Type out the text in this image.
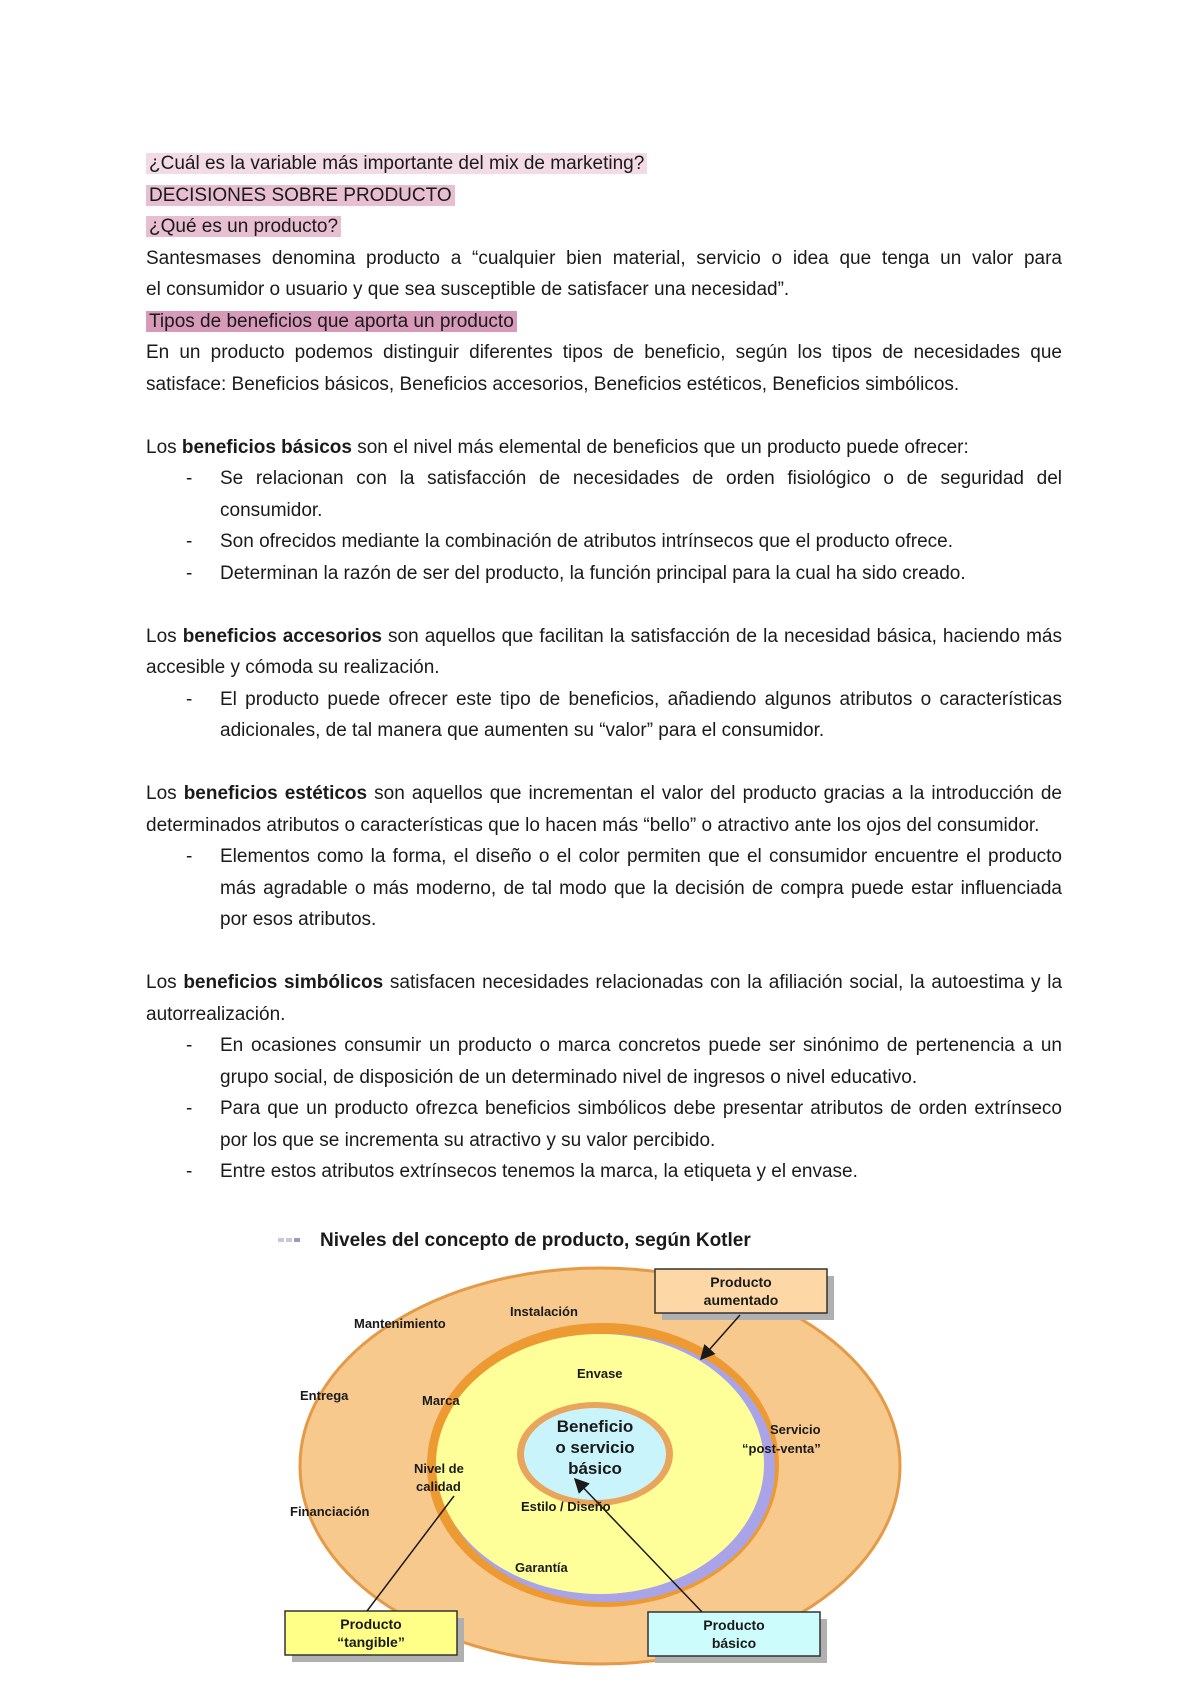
¿Cuál es la variable más importante del mix de marketing?

DECISIONES SOBRE PRODUCTO

¿Qué es un producto?

Santesmases denomina producto a “cualquier bien material, servicio o idea que tenga un valor para

el consumidor o usuario y que sea susceptible de satisfacer una necesidad”.

Tipos de beneficios que aporta un producto

En un producto podemos distinguir diferentes tipos de beneficio, según los tipos de necesidades que

satisface: Beneficios básicos, Beneficios accesorios, Beneficios estéticos, Beneficios simbólicos.

Los beneficios básicos son el nivel más elemental de beneficios que un producto puede ofrecer:

- Se relacionan con la satisfacción de necesidades de orden fisiológico o de seguridad del consumidor.

- Son ofrecidos mediante la combinación de atributos intrínsecos que el producto ofrece.

- Determinan la razón de ser del producto, la función principal para la cual ha sido creado.

Los beneficios accesorios son aquellos que facilitan la satisfacción de la necesidad básica, haciendo más accesible y cómoda su realización.

- El producto puede ofrecer este tipo de beneficios, añadiendo algunos atributos o características adicionales, de tal manera que aumenten su “valor” para el consumidor.

Los beneficios estéticos son aquellos que incrementan el valor del producto gracias a la introducción de determinados atributos o características que lo hacen más “bello” o atractivo ante los ojos del consumidor.

- Elementos como la forma, el diseño o el color permiten que el consumidor encuentre el producto más agradable o más moderno, de tal modo que la decisión de compra puede estar influenciada por esos atributos.

Los beneficios simbólicos satisfacen necesidades relacionadas con la afiliación social, la autoestima y la autorrealización.

- En ocasiones consumir un producto o marca concretos puede ser sinónimo de pertenencia a un grupo social, de disposición de un determinado nivel de ingresos o nivel educativo.

- Para que un producto ofrezca beneficios simbólicos debe presentar atributos de orden extrínseco por los que se incrementa su atractivo y su valor percibido.

- Entre estos atributos extrínsecos tenemos la marca, la etiqueta y el envase.

Niveles del concepto de producto, según Kotler
Mantenimiento
Instalación
Entrega
Servicio
“post-venta”
Financiación
Garantía
Envase
Marca
Nivel de
calidad
Estilo / Diseño
Beneficio
o servicio
básico
Producto
aumentado
Producto
“tangible”
Producto
básico
